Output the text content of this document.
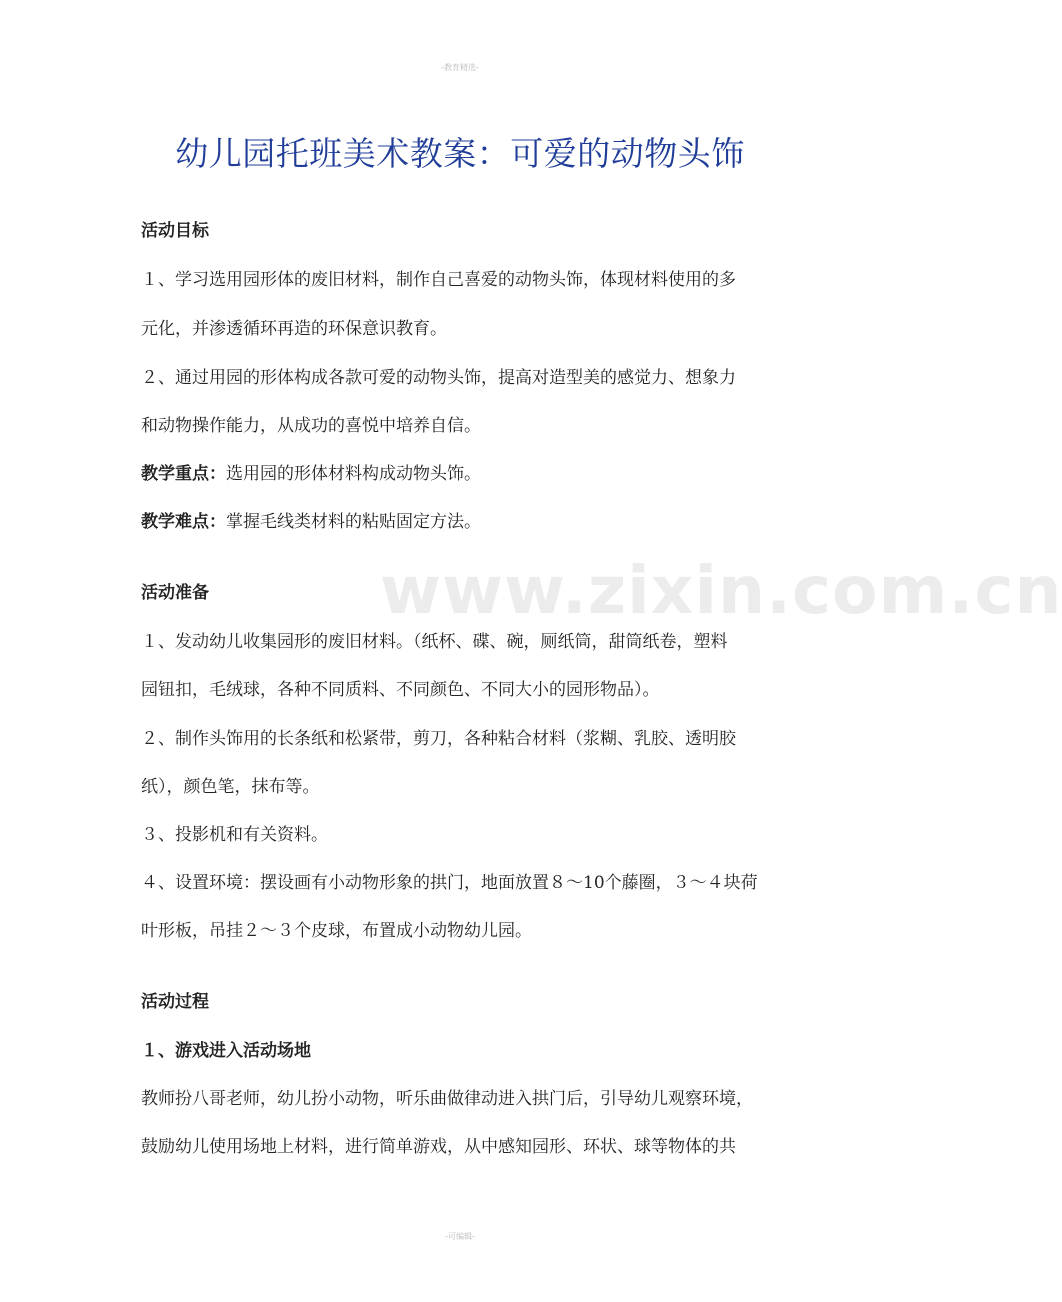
-教育精选-
www.zixin.com.cn
幼儿园托班美术教案：可爱的动物头饰
活动目标
１、学习选用园形体的废旧材料，制作自己喜爱的动物头饰，体现材料使用的多
元化，并渗透循环再造的环保意识教育。
２、通过用园的形体构成各款可爱的动物头饰，提高对造型美的感觉力、想象力
和动物操作能力，从成功的喜悦中培养自信。
教学重点：选用园的形体材料构成动物头饰。
教学难点：掌握毛线类材料的粘贴固定方法。
活动准备
１、发动幼儿收集园形的废旧材料。（纸杯、碟、碗，厕纸筒，甜筒纸卷，塑料
园钮扣，毛绒球，各种不同质料、不同颜色、不同大小的园形物品）。
２、制作头饰用的长条纸和松紧带，剪刀，各种粘合材料（浆糊、乳胶、透明胶
纸），颜色笔，抹布等。
３、投影机和有关资料。
４、设置环境：摆设画有小动物形象的拱门，地面放置８～10个藤圈，３～４块荷
叶形板，吊挂２～３个皮球，布置成小动物幼儿园。
活动过程
１、游戏进入活动场地
教师扮八哥老师，幼儿扮小动物，听乐曲做律动进入拱门后，引导幼儿观察环境，
鼓励幼儿使用场地上材料，进行简单游戏，从中感知园形、环状、球等物体的共
-可编辑-
